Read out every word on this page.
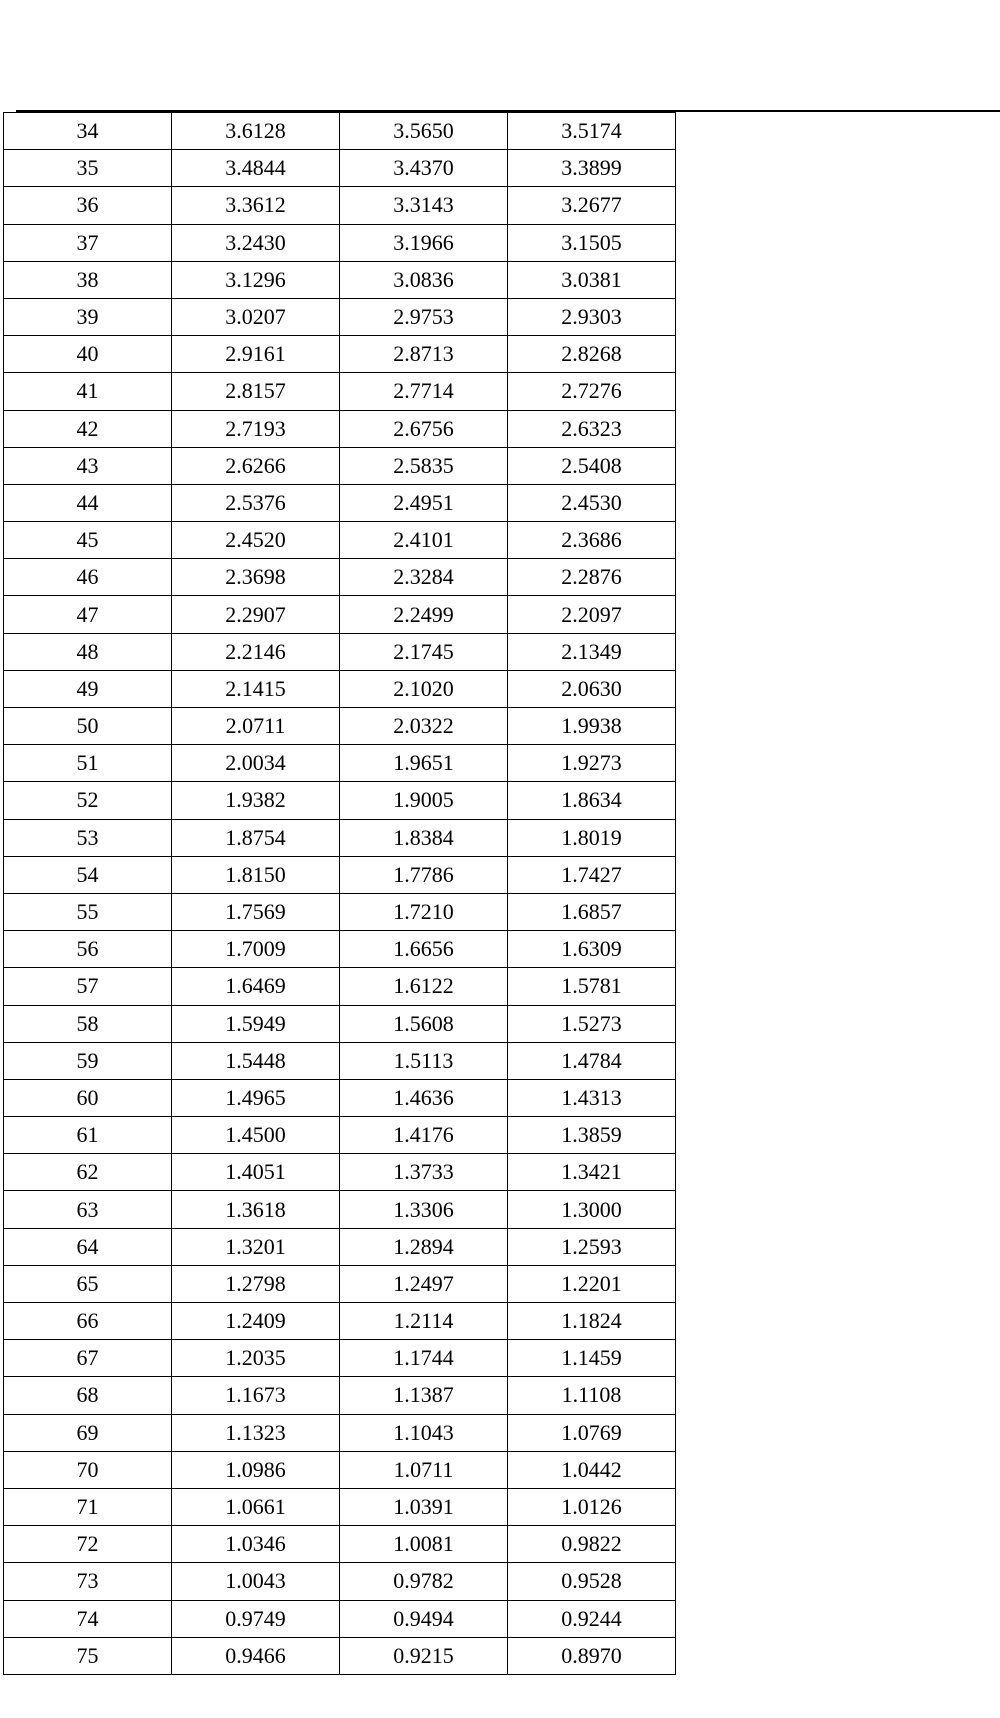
34	3.6128	3.5650	3.5174
35	3.4844	3.4370	3.3899
36	3.3612	3.3143	3.2677
37	3.2430	3.1966	3.1505
38	3.1296	3.0836	3.0381
39	3.0207	2.9753	2.9303
40	2.9161	2.8713	2.8268
41	2.8157	2.7714	2.7276
42	2.7193	2.6756	2.6323
43	2.6266	2.5835	2.5408
44	2.5376	2.4951	2.4530
45	2.4520	2.4101	2.3686
46	2.3698	2.3284	2.2876
47	2.2907	2.2499	2.2097
48	2.2146	2.1745	2.1349
49	2.1415	2.1020	2.0630
50	2.0711	2.0322	1.9938
51	2.0034	1.9651	1.9273
52	1.9382	1.9005	1.8634
53	1.8754	1.8384	1.8019
54	1.8150	1.7786	1.7427
55	1.7569	1.7210	1.6857
56	1.7009	1.6656	1.6309
57	1.6469	1.6122	1.5781
58	1.5949	1.5608	1.5273
59	1.5448	1.5113	1.4784
60	1.4965	1.4636	1.4313
61	1.4500	1.4176	1.3859
62	1.4051	1.3733	1.3421
63	1.3618	1.3306	1.3000
64	1.3201	1.2894	1.2593
65	1.2798	1.2497	1.2201
66	1.2409	1.2114	1.1824
67	1.2035	1.1744	1.1459
68	1.1673	1.1387	1.1108
69	1.1323	1.1043	1.0769
70	1.0986	1.0711	1.0442
71	1.0661	1.0391	1.0126
72	1.0346	1.0081	0.9822
73	1.0043	0.9782	0.9528
74	0.9749	0.9494	0.9244
75	0.9466	0.9215	0.8970
